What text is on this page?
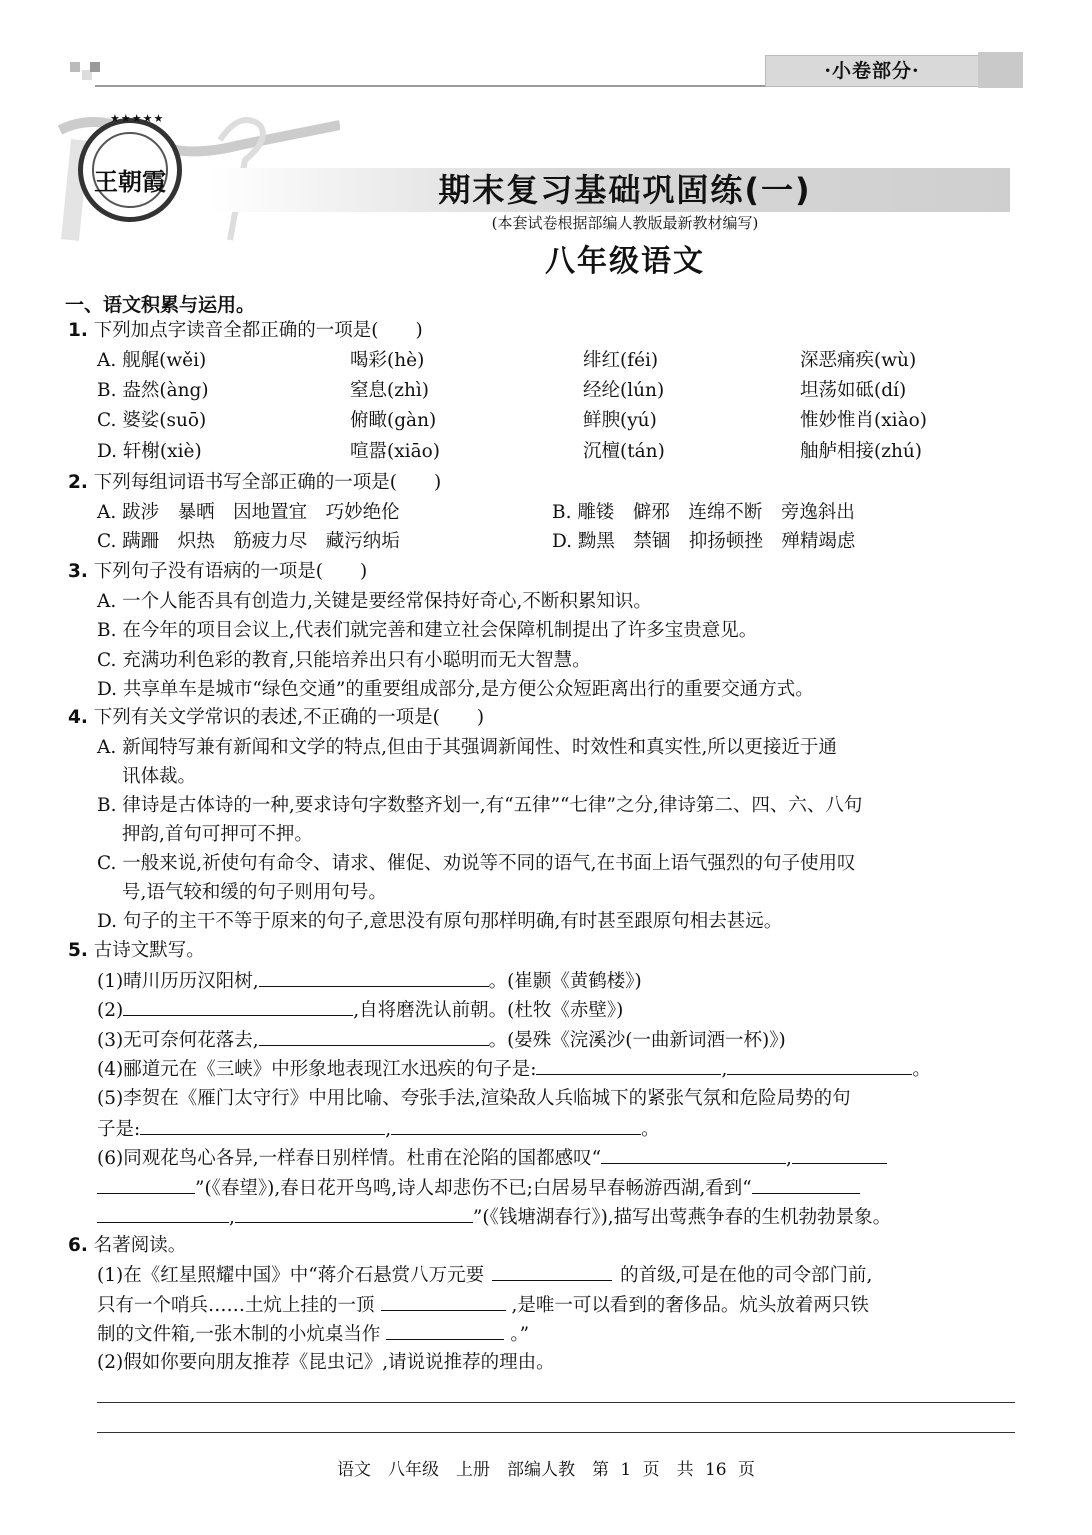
·小卷部分·
★★★★★
王朝霞	期末复习基础巩固练(一)
(本套试卷根据部编人教版最新教材编写)
八年级语文
一、语文积累与运用。
1. 下列加点字读音全都正确的一项是(　　)
A. 舰艉(wěi)	喝彩(hè)	绯红(féi)	深恶痛疾(wù)
B. 盎然(àng)	窒息(zhì)	经纶(lún)	坦荡如砥(dí)
C. 婆娑(suō)	俯瞰(gàn)	鲜腴(yú)	惟妙惟肖(xiào)
D. 轩榭(xiè)	喧嚣(xiāo)	沉檀(tán)	舳舻相接(zhú)
2. 下列每组词语书写全部正确的一项是(　　)
A. 跋涉　暴晒　因地置宜　巧妙绝伦	B. 雕镂　僻邪　连绵不断　旁逸斜出
C. 蹒跚　炽热　筋疲力尽　藏污纳垢	D. 黝黑　禁锢　抑扬顿挫　殚精竭虑
3. 下列句子没有语病的一项是(　　)
A. 一个人能否具有创造力,关键是要经常保持好奇心,不断积累知识。
B. 在今年的项目会议上,代表们就完善和建立社会保障机制提出了许多宝贵意见。
C. 充满功利色彩的教育,只能培养出只有小聪明而无大智慧。
D. 共享单车是城市“绿色交通”的重要组成部分,是方便公众短距离出行的重要交通方式。
4. 下列有关文学常识的表述,不正确的一项是(　　)
A. 新闻特写兼有新闻和文学的特点,但由于其强调新闻性、时效性和真实性,所以更接近于通
讯体裁。
B. 律诗是古体诗的一种,要求诗句字数整齐划一,有“五律”“七律”之分,律诗第二、四、六、八句
押韵,首句可押可不押。
C. 一般来说,祈使句有命令、请求、催促、劝说等不同的语气,在书面上语气强烈的句子使用叹
号,语气较和缓的句子则用句号。
D. 句子的主干不等于原来的句子,意思没有原句那样明确,有时甚至跟原句相去甚远。
5. 古诗文默写。
(1)晴川历历汉阳树,	。(崔颢《黄鹤楼》)
(2)	,自将磨洗认前朝。(杜牧《赤壁》)
(3)无可奈何花落去,	。(晏殊《浣溪沙(一曲新词酒一杯)》)
(4)郦道元在《三峡》中形象地表现江水迅疾的句子是:	,	。
(5)李贺在《雁门太守行》中用比喻、夸张手法,渲染敌人兵临城下的紧张气氛和危险局势的句
子是:	,	。
(6)同观花鸟心各异,一样春日别样情。杜甫在沦陷的国都感叹“	,
”(《春望》),春日花开鸟鸣,诗人却悲伤不已;白居易早春畅游西湖,看到“
,	”(《钱塘湖春行》),描写出莺燕争春的生机勃勃景象。
6. 名著阅读。
(1)在《红星照耀中国》中“蒋介石悬赏八万元要	的首级,可是在他的司令部门前,
只有一个哨兵……土炕上挂的一顶	,是唯一可以看到的奢侈品。炕头放着两只铁
制的文件箱,一张木制的小炕桌当作	。”
(2)假如你要向朋友推荐《昆虫记》,请说说推荐的理由。
语文　八年级　上册　部编人教　第 1 页　共 16 页
